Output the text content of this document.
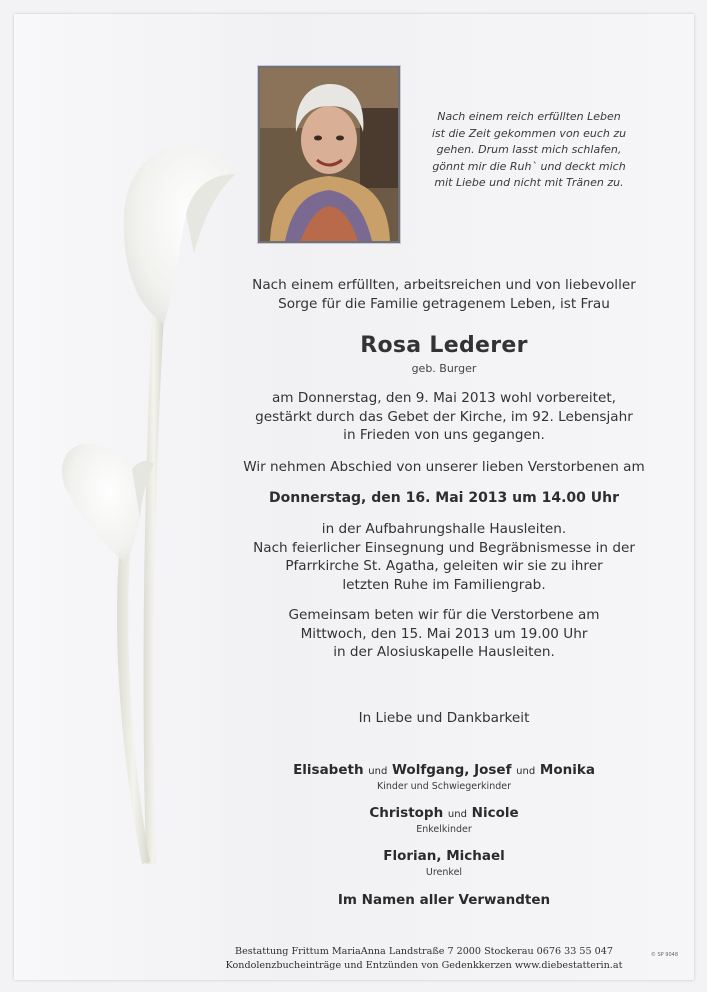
Nach einem reich erfüllten Leben
ist die Zeit gekommen von euch zu
gehen. Drum lasst mich schlafen,
gönnt mir die Ruh` und deckt mich
mit Liebe und nicht mit Tränen zu.
Nach einem erfüllten, arbeitsreichen und von liebevoller
Sorge für die Familie getragenem Leben, ist Frau
Rosa Lederer
geb. Burger
am Donnerstag, den 9. Mai 2013 wohl vorbereitet,
gestärkt durch das Gebet der Kirche, im 92. Lebensjahr
in Frieden von uns gegangen.
Wir nehmen Abschied von unserer lieben Verstorbenen am
Donnerstag, den 16. Mai 2013 um 14.00 Uhr
in der Aufbahrungshalle Hausleiten.
Nach feierlicher Einsegnung und Begräbnismesse in der
Pfarrkirche St. Agatha, geleiten wir sie zu ihrer
letzten Ruhe im Familiengrab.
Gemeinsam beten wir für die Verstorbene am
Mittwoch, den 15. Mai 2013 um 19.00 Uhr
in der Alosiuskapelle Hausleiten.
In Liebe und Dankbarkeit
Elisabeth und Wolfgang, Josef und Monika
Kinder und Schwiegerkinder
Christoph und Nicole
Enkelkinder
Florian, Michael
Urenkel
Im Namen aller Verwandten
Bestattung Frittum MariaAnna Landstraße 7 2000 Stockerau 0676 33 55 047
Kondolenzbucheinträge und Entzünden von Gedenkkerzen www.diebestatterin.at
© SP 9048
